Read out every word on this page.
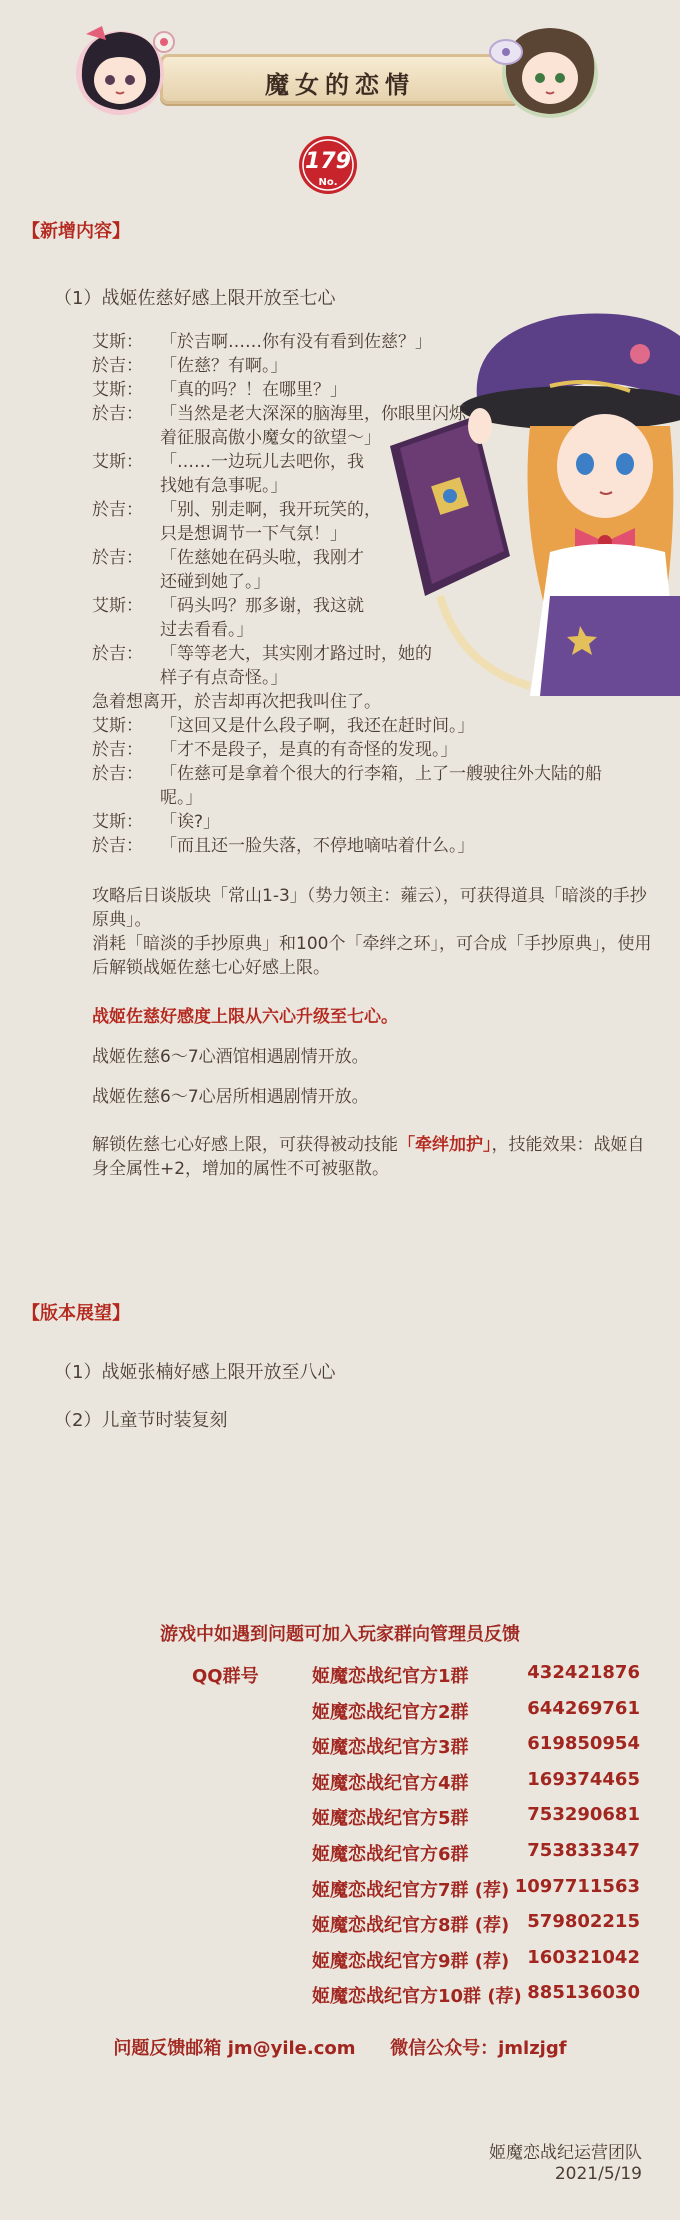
魔女的恋情
179
No.
【新增内容】
（1）战姬佐慈好感上限开放至七心
艾斯：	「於吉啊……你有没有看到佐慈？」
於吉：	「佐慈？有啊。」
艾斯：	「真的吗？！在哪里？」
於吉：	「当然是老大深深的脑海里，你眼里闪烁
着征服高傲小魔女的欲望～」
艾斯：	「……一边玩儿去吧你，我
找她有急事呢。」
於吉：	「别、别走啊，我开玩笑的，
只是想调节一下气氛！」
於吉：	「佐慈她在码头啦，我刚才
还碰到她了。」
艾斯：	「码头吗？那多谢，我这就
过去看看。」
於吉：	「等等老大，其实刚才路过时，她的
样子有点奇怪。」
急着想离开，於吉却再次把我叫住了。
艾斯：	「这回又是什么段子啊，我还在赶时间。」
於吉：	「才不是段子，是真的有奇怪的发现。」
於吉：	「佐慈可是拿着个很大的行李箱，上了一艘驶往外大陆的船
呢。」
艾斯：	「诶?」
於吉：	「而且还一脸失落，不停地嘀咕着什么。」
攻略后日谈版块「常山1-3」（势力领主：蕹云），可获得道具「暗淡的手抄原典」。
消耗「暗淡的手抄原典」和100个「牵绊之环」，可合成「手抄原典」，使用后解锁战姬佐慈七心好感上限。
战姬佐慈好感度上限从六心升级至七心。
战姬佐慈6～7心酒馆相遇剧情开放。
战姬佐慈6～7心居所相遇剧情开放。
解锁佐慈七心好感上限，可获得被动技能「牵绊加护」，技能效果：战姬自身全属性+2，增加的属性不可被驱散。
【版本展望】
（1）战姬张楠好感上限开放至八心
（2）儿童节时装复刻
游戏中如遇到问题可加入玩家群向管理员反馈
QQ群号	姬魔恋战纪官方1群	432421876
姬魔恋战纪官方2群	644269761
姬魔恋战纪官方3群	619850954
姬魔恋战纪官方4群	169374465
姬魔恋战纪官方5群	753290681
姬魔恋战纪官方6群	753833347
姬魔恋战纪官方7群 (荐) 1097711563
姬魔恋战纪官方8群 (荐) 579802215
姬魔恋战纪官方9群 (荐) 160321042
姬魔恋战纪官方10群 (荐) 885136030
问题反馈邮箱 jm@yile.com 微信公众号：jmlzjgf
姬魔恋战纪运营团队
2021/5/19
